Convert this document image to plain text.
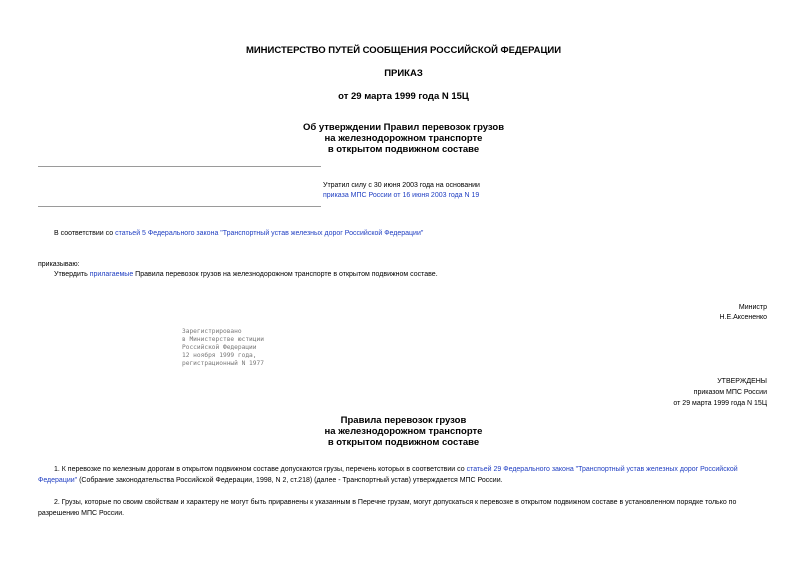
МИНИСТЕРСТВО ПУТЕЙ СООБЩЕНИЯ РОССИЙСКОЙ ФЕДЕРАЦИИ
ПРИКАЗ
от 29 марта 1999 года N 15Ц
Об утверждении Правил перевозок грузов
на железнодорожном транспорте
в открытом подвижном составе
Утратил силу с 30 июня 2003 года на основании
приказа МПС России от 16 июня 2003 года N 19
В соответствии со статьей 5 Федерального закона "Транспортный устав железных дорог Российской Федерации"
приказываю:
Утвердить прилагаемые Правила перевозок грузов на железнодорожном транспорте в открытом подвижном составе.
Министр
Н.Е.Аксененко
Зарегистрировано
в Министерстве юстиции
Российской Федерации
12 ноября 1999 года,
регистрационный N 1977
УТВЕРЖДЕНЫ
приказом МПС России
от 29 марта 1999 года N 15Ц
Правила перевозок грузов
на железнодорожном транспорте
в открытом подвижном составе
1. К перевозке по железным дорогам в открытом подвижном составе допускаются грузы, перечень которых в соответствии со статьей 29 Федерального закона "Транспортный устав железных дорог Российской Федерации" (Собрание законодательства Российской Федерации, 1998, N 2, ст.218) (далее - Транспортный устав) утверждается МПС России.
2. Грузы, которые по своим свойствам и характеру не могут быть приравнены к указанным в Перечне грузам, могут допускаться к перевозке в открытом подвижном составе в установленном порядке только по разрешению МПС России.
